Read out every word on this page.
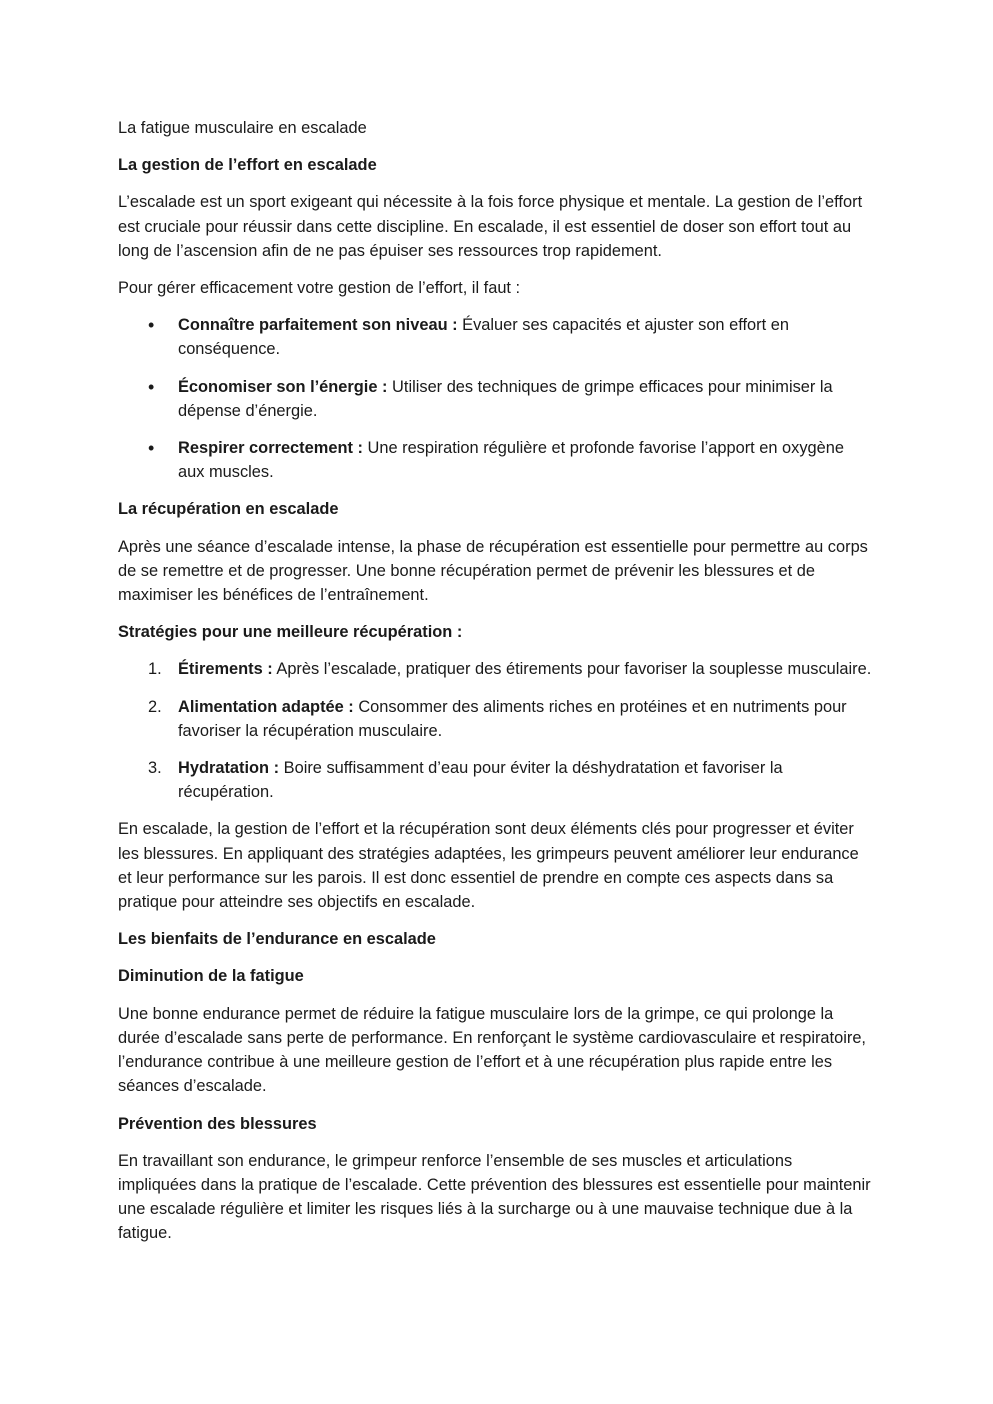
La fatigue musculaire en escalade

La gestion de l’effort en escalade

L’escalade est un sport exigeant qui nécessite à la fois force physique et mentale. La gestion de l’effort est cruciale pour réussir dans cette discipline. En escalade, il est essentiel de doser son effort tout au long de l’ascension afin de ne pas épuiser ses ressources trop rapidement.

Pour gérer efficacement votre gestion de l’effort, il faut :

• Connaître parfaitement son niveau : Évaluer ses capacités et ajuster son effort en conséquence.
• Économiser son l’énergie : Utiliser des techniques de grimpe efficaces pour minimiser la dépense d’énergie.
• Respirer correctement : Une respiration régulière et profonde favorise l’apport en oxygène aux muscles.

La récupération en escalade

Après une séance d’escalade intense, la phase de récupération est essentielle pour permettre au corps de se remettre et de progresser. Une bonne récupération permet de prévenir les blessures et de maximiser les bénéfices de l’entraînement.

Stratégies pour une meilleure récupération :

Étirements : Après l’escalade, pratiquer des étirements pour favoriser la souplesse musculaire.
Alimentation adaptée : Consommer des aliments riches en protéines et en nutriments pour favoriser la récupération musculaire.
Hydratation : Boire suffisamment d’eau pour éviter la déshydratation et favoriser la récupération.

En escalade, la gestion de l’effort et la récupération sont deux éléments clés pour progresser et éviter les blessures. En appliquant des stratégies adaptées, les grimpeurs peuvent améliorer leur endurance et leur performance sur les parois. Il est donc essentiel de prendre en compte ces aspects dans sa pratique pour atteindre ses objectifs en escalade.

Les bienfaits de l’endurance en escalade

Diminution de la fatigue

Une bonne endurance permet de réduire la fatigue musculaire lors de la grimpe, ce qui prolonge la durée d’escalade sans perte de performance. En renforçant le système cardiovasculaire et respiratoire, l’endurance contribue à une meilleure gestion de l’effort et à une récupération plus rapide entre les séances d’escalade.

Prévention des blessures

En travaillant son endurance, le grimpeur renforce l’ensemble de ses muscles et articulations impliquées dans la pratique de l’escalade. Cette prévention des blessures est essentielle pour maintenir une escalade régulière et limiter les risques liés à la surcharge ou à une mauvaise technique due à la fatigue.
